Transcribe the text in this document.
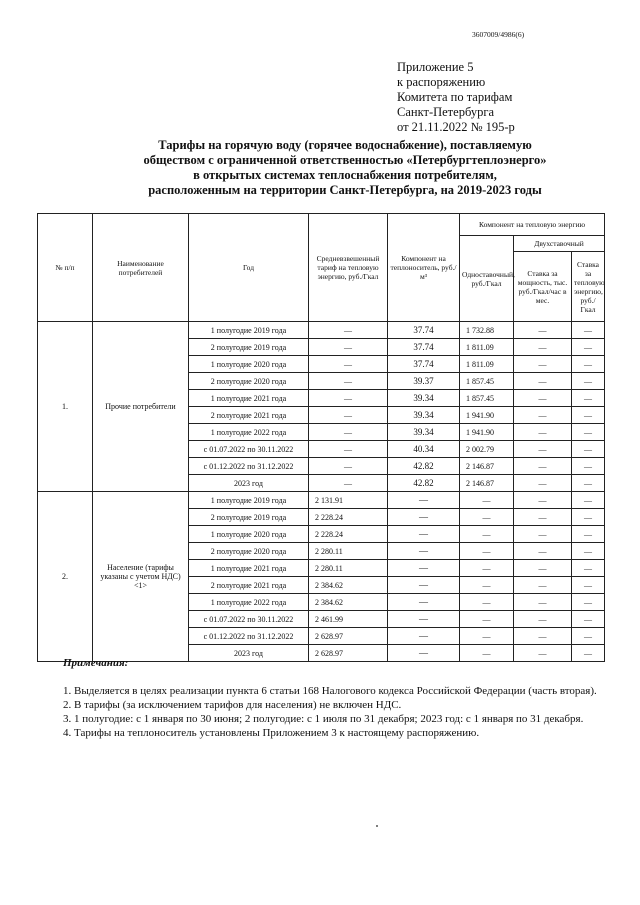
3607009/4986(6)
Приложение 5
к распоряжению
Комитета по тарифам
Санкт-Петербурга
от 21.11.2022 № 195-р
Тарифы на горячую воду (горячее водоснабжение), поставляемую
обществом с ограниченной ответственностью «Петербургтеплоэнерго»
в открытых системах теплоснабжения потребителям,
расположенным на территории Санкт-Петербурга, на 2019-2023 годы
№ п/п	Наименование потребителей	Год	Средневзвешенный тариф на тепловую энергию, руб./Гкал	Компонент на теплоноситель, руб./м³	Компонент на тепловую энергию		
					Одноставочный, руб./Гкал	Двухставочный	
						Ставка за мощность, тыс. руб./Гкал/час в мес.	Ставка за тепловую энергию, руб./Гкал
1.	Прочие потребители	1 полугодие 2019 года	—	37.74	1 732.88	—	—
		2 полугодие 2019 года	—	37.74	1 811.09	—	—
		1 полугодие 2020 года	—	37.74	1 811.09	—	—
		2 полугодие 2020 года	—	39.37	1 857.45	—	—
		1 полугодие 2021 года	—	39.34	1 857.45	—	—
		2 полугодие 2021 года	—	39.34	1 941.90	—	—
		1 полугодие 2022 года	—	39.34	1 941.90	—	—
		с 01.07.2022 по 30.11.2022	—	40.34	2 002.79	—	—
		с 01.12.2022 по 31.12.2022	—	42.82	2 146.87	—	—
		2023 год	—	42.82	2 146.87	—	—
2.	Население (тарифы указаны с учетом НДС) <1>	1 полугодие 2019 года	2 131.91	—	—	—	—
		2 полугодие 2019 года	2 228.24	—	—	—	—
		1 полугодие 2020 года	2 228.24	—	—	—	—
		2 полугодие 2020 года	2 280.11	—	—	—	—
		1 полугодие 2021 года	2 280.11	—	—	—	—
		2 полугодие 2021 года	2 384.62	—	—	—	—
		1 полугодие 2022 года	2 384.62	—	—	—	—
		с 01.07.2022 по 30.11.2022	2 461.99	—	—	—	—
		с 01.12.2022 по 31.12.2022	2 628.97	—	—	—	—
		2023 год	2 628.97	—	—	—	—
Примечания:
1. Выделяется в целях реализации пункта 6 статьи 168 Налогового кодекса Российской Федерации (часть вторая).
2. В тарифы (за исключением тарифов для населения) не включен НДС.
3. 1 полугодие: с 1 января по 30 июня; 2 полугодие: с 1 июля по 31 декабря; 2023 год: с 1 января по 31 декабря.
4. Тарифы на теплоноситель установлены Приложением 3 к настоящему распоряжению.
